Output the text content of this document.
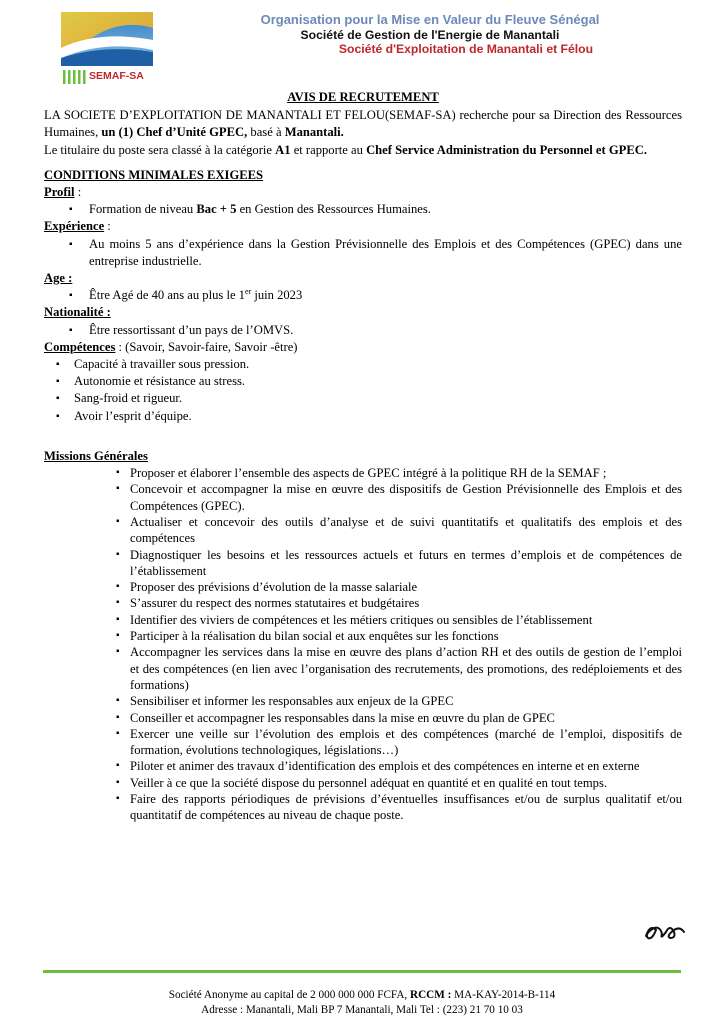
SEMAF-SA
Organisation pour la Mise en Valeur du Fleuve Sénégal
Société de Gestion de l'Energie de Manantali
Société d'Exploitation de Manantali et Félou
AVIS DE RECRUTEMENT

LA SOCIETE D’EXPLOITATION DE MANANTALI ET FELOU(SEMAF-SA) recherche pour sa Direction des Ressources Humaines, un (1) Chef d’Unité GPEC, basé à Manantali.

Le titulaire du poste sera classé à la catégorie A1 et rapporte au Chef Service Administration du Personnel et GPEC.

CONDITIONS MINIMALES EXIGEES
Profil :
▪ Formation de niveau Bac + 5 en Gestion des Ressources Humaines.
Expérience :
▪ Au moins 5 ans d’expérience dans la Gestion Prévisionnelle des Emplois et des Compétences (GPEC) dans une entreprise industrielle.
Age :
▪ Être Agé de 40 ans au plus le 1er juin 2023
Nationalité :
▪ Être ressortissant d’un pays de l’OMVS.
Compétences : (Savoir, Savoir-faire, Savoir -être)
▪ Capacité à travailler sous pression.
▪ Autonomie et résistance au stress.
▪ Sang-froid et rigueur.
▪ Avoir l’esprit d’équipe.
Missions Générales
▪ Proposer et élaborer l’ensemble des aspects de GPEC intégré à la politique RH de la SEMAF ;
▪ Concevoir et accompagner la mise en œuvre des dispositifs de Gestion Prévisionnelle des Emplois et des Compétences (GPEC).
▪ Actualiser et concevoir des outils d’analyse et de suivi quantitatifs et qualitatifs des emplois et des compétences
▪ Diagnostiquer les besoins et les ressources actuels et futurs en termes d’emplois et de compétences de l’établissement
▪ Proposer des prévisions d’évolution de la masse salariale
▪ S’assurer du respect des normes statutaires et budgétaires
▪ Identifier des viviers de compétences et les métiers critiques ou sensibles de l’établissement
▪ Participer à la réalisation du bilan social et aux enquêtes sur les fonctions
▪ Accompagner les services dans la mise en œuvre des plans d’action RH et des outils de gestion de l’emploi et des compétences (en lien avec l’organisation des recrutements, des promotions, des redéploiements et des formations)
▪ Sensibiliser et informer les responsables aux enjeux de la GPEC
▪ Conseiller et accompagner les responsables dans la mise en œuvre du plan de GPEC
▪ Exercer une veille sur l’évolution des emplois et des compétences (marché de l’emploi, dispositifs de formation, évolutions technologiques, législations…)
▪ Piloter et animer des travaux d’identification des emplois et des compétences en interne et en externe
▪ Veiller à ce que la société dispose du personnel adéquat en quantité et en qualité en tout temps.
▪ Faire des rapports périodiques de prévisions d’éventuelles insuffisances et/ou de surplus qualitatif et/ou quantitatif de compétences au niveau de chaque poste.
Société Anonyme au capital de 2 000 000 000 FCFA, RCCM : MA-KAY-2014-B-114
Adresse : Manantali, Mali BP 7 Manantali, Mali Tel : (223) 21 70 10 03
